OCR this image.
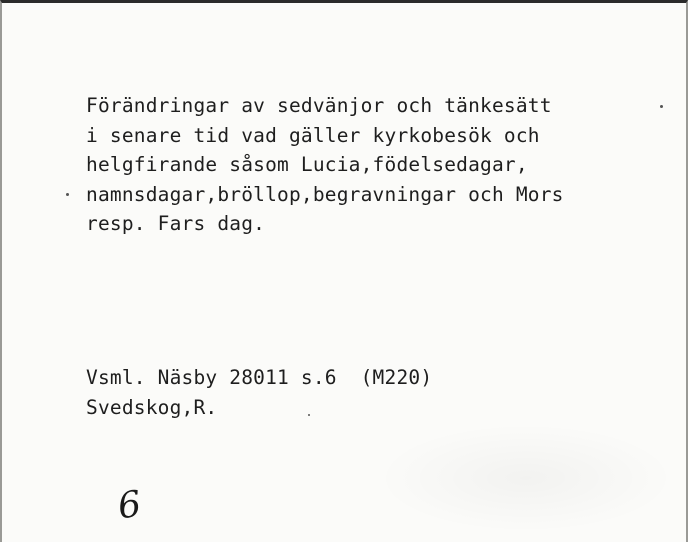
Förändringar av sedvänjor och tänkesätt
i senare tid vad gäller kyrkobesök och
helgfirande såsom Lucia,födelsedagar,
namnsdagar,bröllop,begravningar och Mors
resp. Fars dag.
Vsml. Näsby 28011 s.6  (M220)
Svedskog,R.
6
